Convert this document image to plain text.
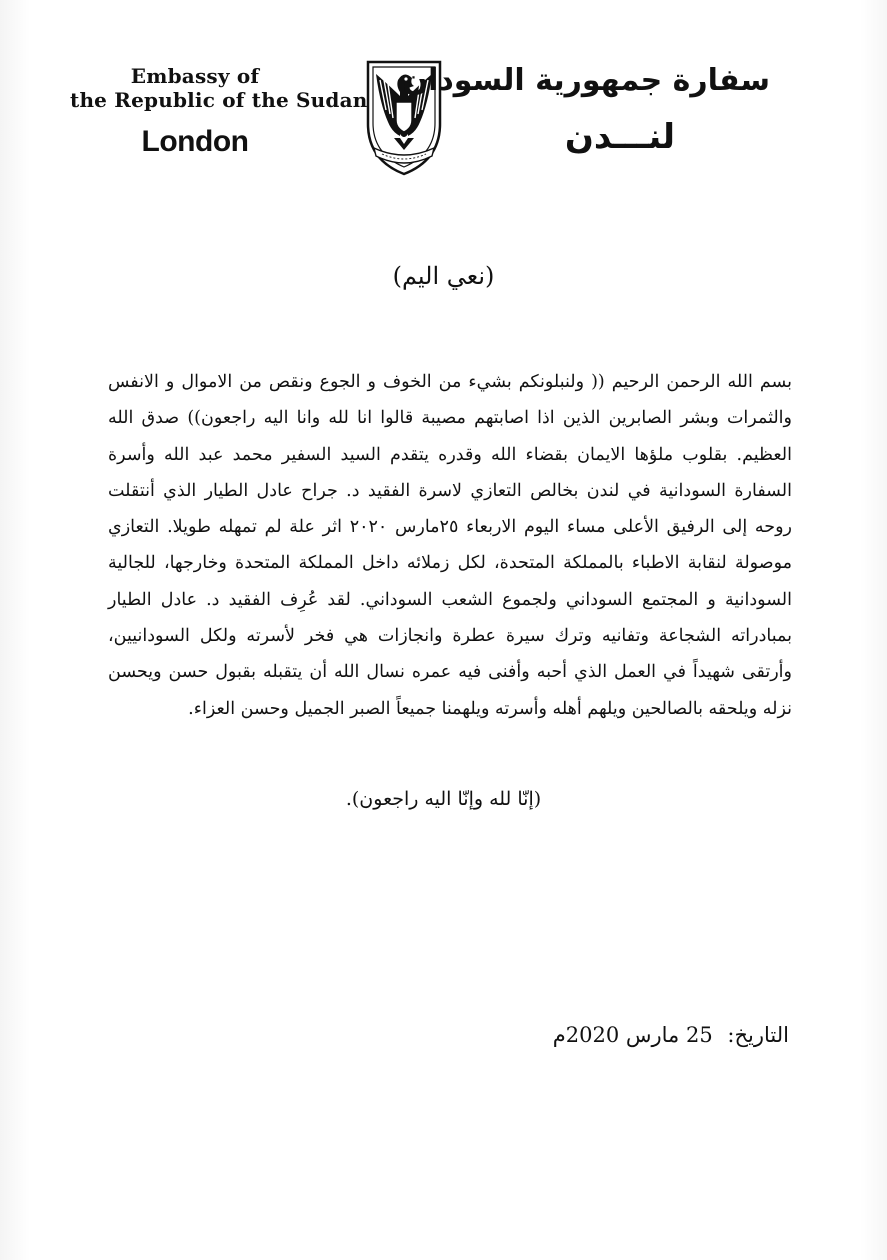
Embassy of
the Republic of the Sudan
London
سفارة جمهورية السودان
لنـــدن
(نعي اليم)
بسم الله الرحمن الرحيم (( ولنبلونكم بشيء من الخوف و الجوع ونقص من الاموال و الانفس والثمرات وبشر الصابرين الذين اذا اصابتهم مصيبة قالوا انا لله وانا اليه راجعون)) صدق الله العظيم. بقلوب ملؤها الايمان بقضاء الله وقدره يتقدم السيد السفير محمد عبد الله وأسرة السفارة السودانية في لندن بخالص التعازي لاسرة الفقيد د. جراح عادل الطيار الذي أنتقلت روحه إلى الرفيق الأعلى مساء اليوم الاربعاء ٢٥مارس ٢٠٢٠ اثر علة لم تمهله طويلا. التعازي موصولة لنقابة الاطباء بالمملكة المتحدة، لكل زملائه داخل المملكة المتحدة وخارجها، للجالية السودانية و المجتمع السوداني ولجموع الشعب السوداني. لقد عُرِف الفقيد د. عادل الطيار بمبادراته الشجاعة وتفانيه وترك سيرة عطرة وانجازات هي فخر لأسرته ولكل السودانيين، وأرتقى شهيداً في العمل الذي أحبه وأفنى فيه عمره نسال الله أن يتقبله بقبول حسن ويحسن نزله ويلحقه بالصالحين ويلهم أهله وأسرته ويلهمنا جميعاً الصبر الجميل وحسن العزاء.
(إنّا لله وإنّا اليه راجعون).
التاريخ: 25 مارس 2020م
